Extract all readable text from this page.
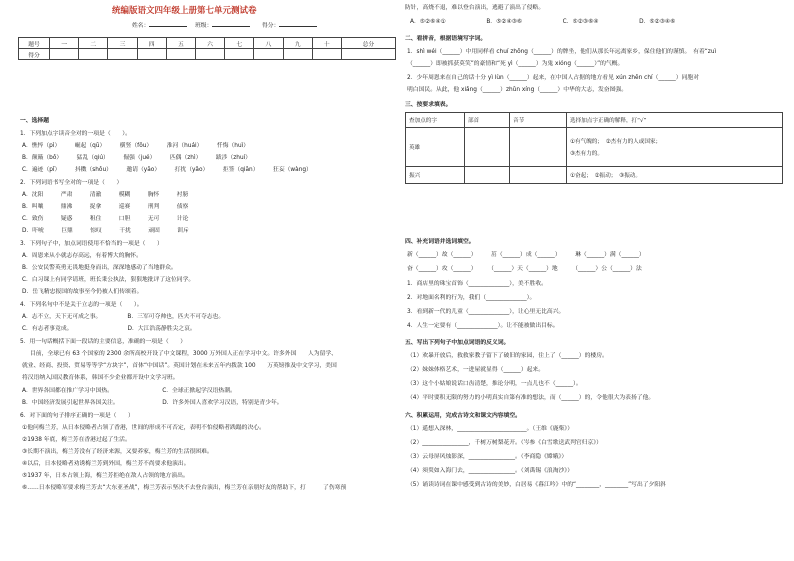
统编版语文四年级上册第七单元测试卷
姓名：	班级：	得分：
题号	一	二	三	四	五	六	七	八	九	十	总分
得分											
一、选择题
1．下列加点字读音全对的一项是（　　）。
A．憔悴（pì）　　　崛起（qū）　　　横竖（fǒu）　　　淮河（huái）　　　忏悔（huì）
B．颠簸（bǒ）　　　猛乱（qiú）　　　倔强（jué）　　　匹偶（zhì）　　　跋涉（zhuí）
C．遍迹（pǐ）　　　抖擞（shǒu）　　　邀请（yāo）　　　打扰（yǎo）　　　拒签（qiān）　　　狂妄（wàng）
2．下列词语书写全对的一项是（　　）
A．沈阳　　　严肃　　　清澈　　　模糊　　　胸怀　　　衬膀
B．叫嚷　　　鼎沸　　　捉拿　　　巡赛　　　刑判　　　侦察
C．致伤　　　疑惑　　　租住　　　口胆　　　无可　　　计论
D．吓唬　　　巨鼎　　　惊叹　　　干扰　　　顽固　　　训斥
3．下列句子中，加点词语使用不恰当的一项是（　　）
A．周恩来从小就志存高远，有着博大的胸怀。
B．公安民警英勇无畏地挺身而出，深深地感动了当地群众。
C．白习课上有同学请班，班长秉公执法，狠狠地批评了这位同学。
D．岳飞精忠报国的故事至今仍被人们传颂着。
4．下列名句中不是关于立志的一项是（　　）。
A．志不立，天下无可成之事。　　　　　B．三军可夺帅也，匹夫不可夺志也。
C．有志者事竟成。　　　　　　　　　　D．大江浩荡静胜尖之哀。
5．用一句话概括下面一段话的主要信息，准确的一项是（　　）
目前，全球已有 63 个国家的 2300 余所高校开设了中文课程，3000 万外国人正在学习中文。许多外国　　人为留学、
就业、经商、投资、贸易等等学“方块字”，首体“中国话”。英国计划在未来五年内拨款 100　　万英镑推及中文学习，美国
将汉语纳入国民教育体系，韩国不少企业都开设中文学习班。
A．世界各国都在推广学习中国热。　　　　　　　　　C．全球正掀起学汉语热潮。
B．中国经济发展引起世界各国关注。　　　　　　　　D．许多外国人喜欢学习汉语，特别是青少年。
6．对下面的句子排序正确的一项是（　　）
①他问梅兰芳，从日本侵略者占领了香港，世间的形成不可否定，表明不怕侵略者践蹋的决心。
②1938 年底，梅兰芳在香港过起了生活。
③长期不演出，梅兰芳没有了经济来源，又要养家，梅兰芳的生活很困难。
④以后，日本侵略者劝诱梅兰芳到外国，梅兰芳不尚要求他演出。
⑤1937 年，日本占领上海，梅兰芳拒绝在敌人占领的地方演出。
⑥……日本侵略军要求梅兰芳去“大东亚圣战”，梅兰芳表示坚决不去登台演出，梅兰芳在亲朋好友的帮助下，打　　　了伤寒预
防针，高烧不退，难以登台演出，逃避了演出了侵略。
A．⑤②⑥④①　　　　　　　B．⑤②④③⑥　　　　　　　C．⑤②③⑥④　　　　　　　D．⑤②③④⑥
二、看拼音，根据语境写字词。
1．shì wéi（______）中用同样看 chuí zhōng（______）的牌坐，他们从那长年远离家乡，保住他们的谨慎。　有着“zuì
（______）即被抓获莫笑”的豪情和“死 yì（______）为鬼 xióng（______）”的气概。
2．少年周恩来在自己的话十分 yì lùn（______）起来，在中国人占据的地方看见 xún zhēn chí（______）同胞对
明白国民。从此，他 xiǎng（______）zhǔn xíng（______）中华的大志，发奋图强。
三、按要求填表。
查加点的字	部首	音节	选择加点字正确的解释，打“√”
英雄			①有气魄的；　②杰有力的人或国家；
③杰有力的。

振兴			①奋起；　②振动；　③振动。
四、补充词语并选词填空。
新（______）故（______）　　　茁（______）成（______）　　　琳（______）满（______）
奋（______）攻（______）　　　（______）天（______）地　　　（______）公（______）法
1．商店里的珠宝首饰（______________），美不胜收。
2．对地面名利的行为，我们（______________）。
3．看到新一代的儿童（______________），让心里无比高兴。
4．人生一定要有（______________）。让不能被做出目标。
五、写出下列句子中加点词语的反义词。
（1）欢暴开放后，救救家教子留下了破旧的家园，住上了（______）的楼房。
（2）妹妹体格艺术，一进屋就显得（______）起来。
（3）这个小姑娘说话口齿清楚，推论分明，一点儿也不（______）。
（4）平时要积无限的努力的小明真实自第有准的想法，而（______）的，令他很大为表扬了他。
六、积累运用，完成古诗文和课文内容填空。
（1）遥想入深林，________________________。（王维《鹿柴》）
（2）________________，千树万树梨花开。（岑参《白雪歌送武判官归京》）
（3）云母屏风烛影深，________________。（李商隐《嫦娥》）
（4）须臾如入海门去，________________。（刘禹锡《浪淘沙》）
（5）诵读诗词在课中感受到古诗的美妙，白居易《暮江吟》中的“________，________”写出了夕阳斜
